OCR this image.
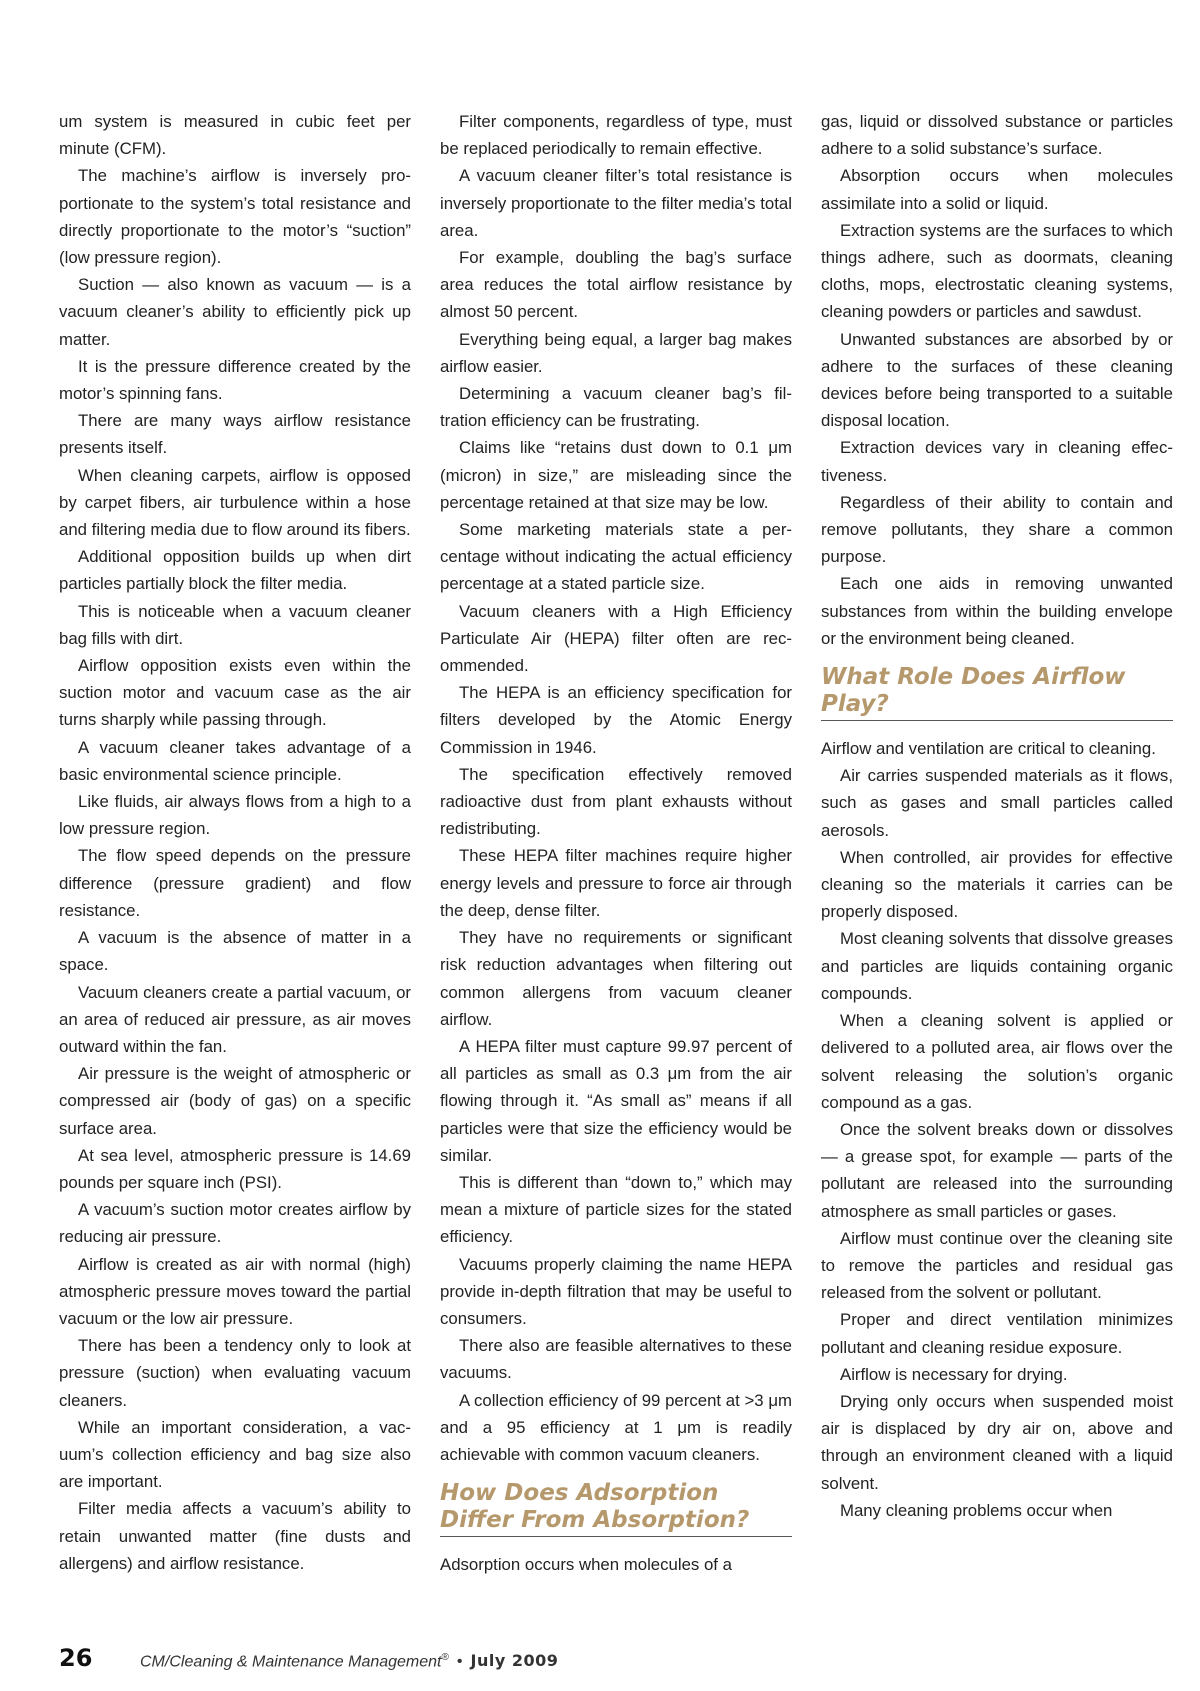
um system is measured in cubic feet per minute (CFM).

The machine’s airflow is inversely proportionate to the system’s total resistance and directly proportionate to the motor’s “suction” (low pressure region).

Suction — also known as vacuum — is a vacuum cleaner’s ability to efficiently pick up matter.

It is the pressure difference created by the motor’s spinning fans.

There are many ways airflow resistance presents itself.

When cleaning carpets, airflow is opposed by carpet fibers, air turbulence within a hose and filtering media due to flow around its fibers.

Additional opposition builds up when dirt particles partially block the filter media.

This is noticeable when a vacuum cleaner bag fills with dirt.

Airflow opposition exists even within the suction motor and vacuum case as the air turns sharply while passing through.

A vacuum cleaner takes advantage of a basic environmental science principle.

Like fluids, air always flows from a high to a low pressure region.

The flow speed depends on the pressure difference (pressure gradient) and flow resistance.

A vacuum is the absence of matter in a space.

Vacuum cleaners create a partial vacuum, or an area of reduced air pressure, as air moves outward within the fan.

Air pressure is the weight of atmospheric or compressed air (body of gas) on a specific surface area.

At sea level, atmospheric pressure is 14.69 pounds per square inch (PSI).

A vacuum’s suction motor creates airflow by reducing air pressure.

Airflow is created as air with normal (high) atmospheric pressure moves toward the partial vacuum or the low air pressure.

There has been a tendency only to look at pressure (suction) when evaluating vacuum cleaners.

While an important consideration, a vacuum’s collection efficiency and bag size also are important.

Filter media affects a vacuum’s ability to retain unwanted matter (fine dusts and allergens) and airflow resistance.

Filter components, regardless of type, must be replaced periodically to remain effective.

A vacuum cleaner filter’s total resistance is inversely proportionate to the filter media’s total area.

For example, doubling the bag’s surface area reduces the total airflow resistance by almost 50 percent.

Everything being equal, a larger bag makes airflow easier.

Determining a vacuum cleaner bag’s filtration efficiency can be frustrating.

Claims like “retains dust down to 0.1 μm (micron) in size,” are misleading since the percentage retained at that size may be low.

Some marketing materials state a percentage without indicating the actual efficiency percentage at a stated particle size.

Vacuum cleaners with a High Efficiency Particulate Air (HEPA) filter often are recommended.

The HEPA is an efficiency specification for filters developed by the Atomic Energy Commission in 1946.

The specification effectively removed radioactive dust from plant exhausts without redistributing.

These HEPA filter machines require higher energy levels and pressure to force air through the deep, dense filter.

They have no requirements or significant risk reduction advantages when filtering out common allergens from vacuum cleaner airflow.

A HEPA filter must capture 99.97 percent of all particles as small as 0.3 μm from the air flowing through it. “As small as” means if all particles were that size the efficiency would be similar.

This is different than “down to,” which may mean a mixture of particle sizes for the stated efficiency.

Vacuums properly claiming the name HEPA provide in-depth filtration that may be useful to consumers.

There also are feasible alternatives to these vacuums.

A collection efficiency of 99 percent at >3 μm and a 95 efficiency at 1 μm is readily achievable with common vacuum cleaners.

How Does Adsorption Differ From Absorption?

Adsorption occurs when molecules of a

gas, liquid or dissolved substance or particles adhere to a solid substance’s surface.

Absorption occurs when molecules assimilate into a solid or liquid.

Extraction systems are the surfaces to which things adhere, such as doormats, cleaning cloths, mops, electrostatic cleaning systems, cleaning powders or particles and sawdust.

Unwanted substances are absorbed by or adhere to the surfaces of these cleaning devices before being transported to a suitable disposal location.

Extraction devices vary in cleaning effectiveness.

Regardless of their ability to contain and remove pollutants, they share a common purpose.

Each one aids in removing unwanted substances from within the building envelope or the environment being cleaned.

What Role Does Airflow Play?

Airflow and ventilation are critical to cleaning.

Air carries suspended materials as it flows, such as gases and small particles called aerosols.

When controlled, air provides for effective cleaning so the materials it carries can be properly disposed.

Most cleaning solvents that dissolve greases and particles are liquids containing organic compounds.

When a cleaning solvent is applied or delivered to a polluted area, air flows over the solvent releasing the solution’s organic compound as a gas.

Once the solvent breaks down or dissolves — a grease spot, for example — parts of the pollutant are released into the surrounding atmosphere as small particles or gases.

Airflow must continue over the cleaning site to remove the particles and residual gas released from the solvent or pollutant.

Proper and direct ventilation minimizes pollutant and cleaning residue exposure.

Airflow is necessary for drying.

Drying only occurs when suspended moist air is displaced by dry air on, above and through an environment cleaned with a liquid solvent.

Many cleaning problems occur when

26	CM/Cleaning & Maintenance Management® • July 2009
